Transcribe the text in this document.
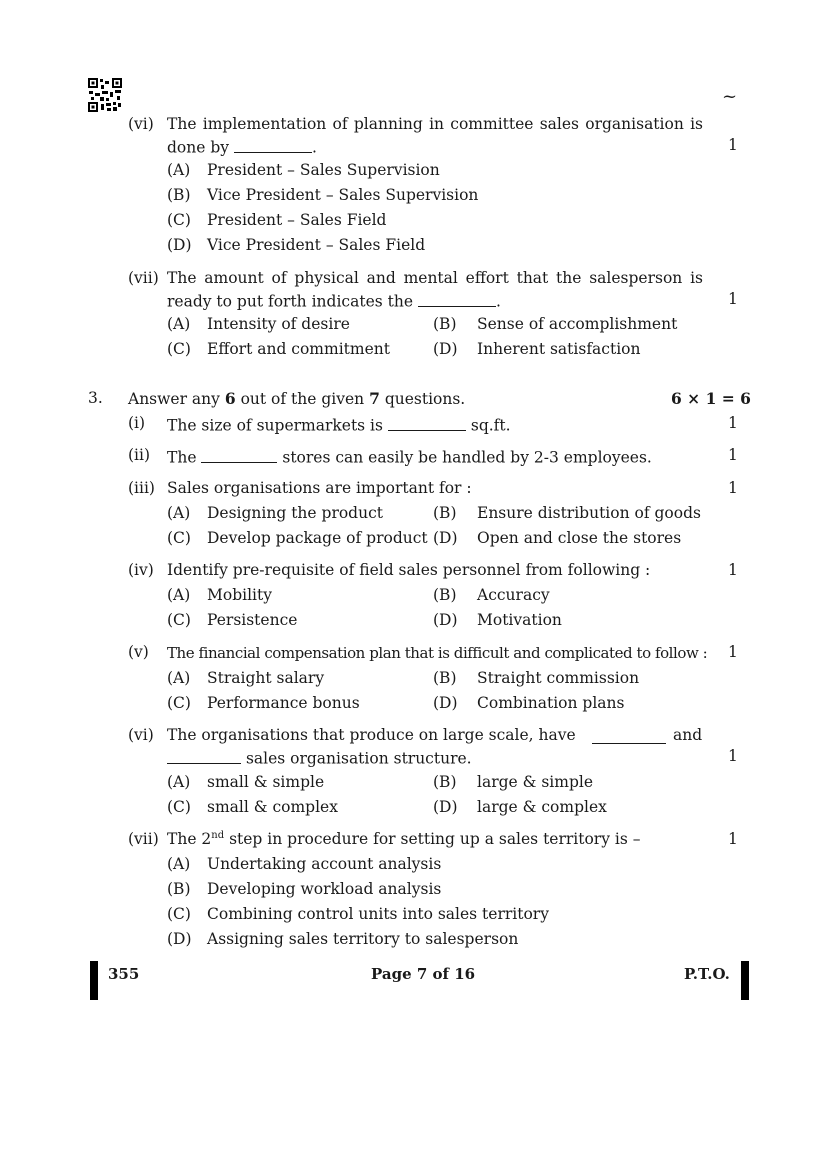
~
(vi) The implementation of planning in committee sales organisation is
done by	.	1
(A) President – Sales Supervision
(B) Vice President – Sales Supervision
(C) President – Sales Field
(D) Vice President – Sales Field
(vii) The amount of physical and mental effort that the salesperson is
ready to put forth indicates the	.	1
(A) Intensity of desire	(B) Sense of accomplishment
(C) Effort and commitment	(D) Inherent satisfaction
3. Answer any 6 out of the given 7 questions.	6 × 1 = 6
(i) The size of supermarkets is	sq.ft.	1
(ii) The	stores can easily be handled by 2-3 employees.	1
(iii) Sales organisations are important for :	1
(A) Designing the product	(B) Ensure distribution of goods
(C) Develop package of product (D) Open and close the stores
(iv) Identify pre-requisite of field sales personnel from following :	1
(A) Mobility	(B) Accuracy
(C) Persistence	(D) Motivation
(v) The financial compensation plan that is difficult and complicated to follow : 1
(A) Straight salary	(B) Straight commission
(C) Performance bonus	(D) Combination plans
(vi) The organisations that produce on large scale, have	and
sales organisation structure.	1
(A) small & simple	(B) large & simple
(C) small & complex	(D) large & complex
(vii) The 2nd step in procedure for setting up a sales territory is –	1
(A) Undertaking account analysis
(B) Developing workload analysis
(C) Combining control units into sales territory
(D) Assigning sales territory to salesperson
355	Page 7 of 16	P.T.O.
